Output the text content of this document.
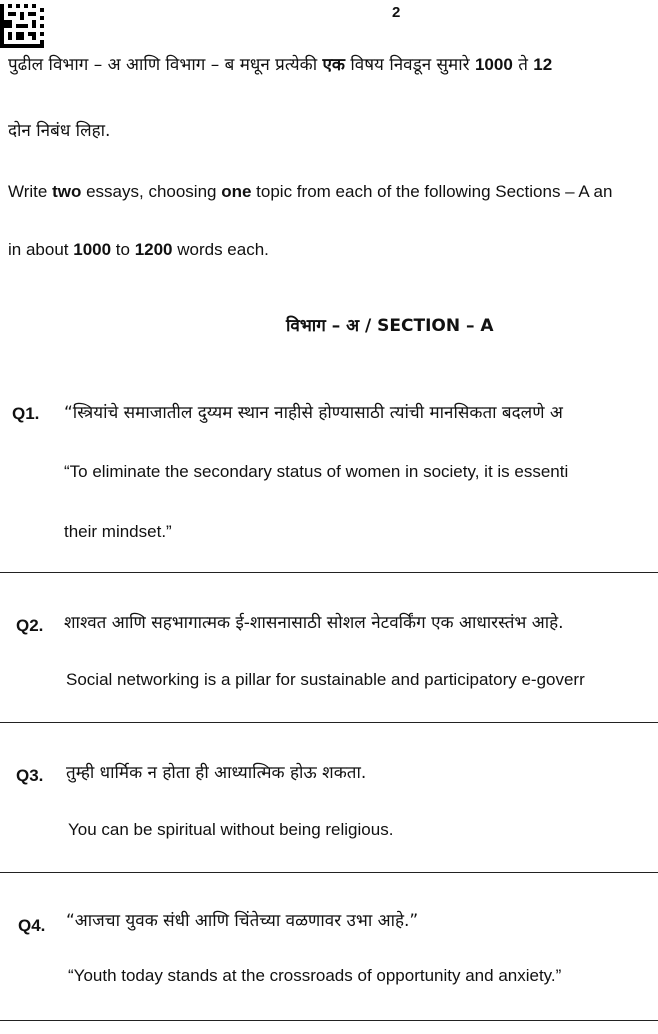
2
पुढील विभाग – अ आणि विभाग – ब मधून प्रत्येकी एक विषय निवडून सुमारे 1000 ते 12
दोन निबंध लिहा.
Write two essays, choosing one topic from each of the following Sections – A an
in about 1000 to 1200 words each.
विभाग – अ / SECTION – A
Q1. “स्त्रियांचे समाजातील दुय्यम स्थान नाहीसे होण्यासाठी त्यांची मानसिकता बदलणे अ
“To eliminate the secondary status of women in society, it is essenti
their mindset.”
Q2. शाश्वत आणि सहभागात्मक ई-शासनासाठी सोशल नेटवर्किंग एक आधारस्तंभ आहे.
Social networking is a pillar for sustainable and participatory e-goverr
Q3. तुम्ही धार्मिक न होता ही आध्यात्मिक होऊ शकता.
You can be spiritual without being religious.
Q4. “आजचा युवक संधी आणि चिंतेच्या वळणावर उभा आहे.”
“Youth today stands at the crossroads of opportunity and anxiety.”
